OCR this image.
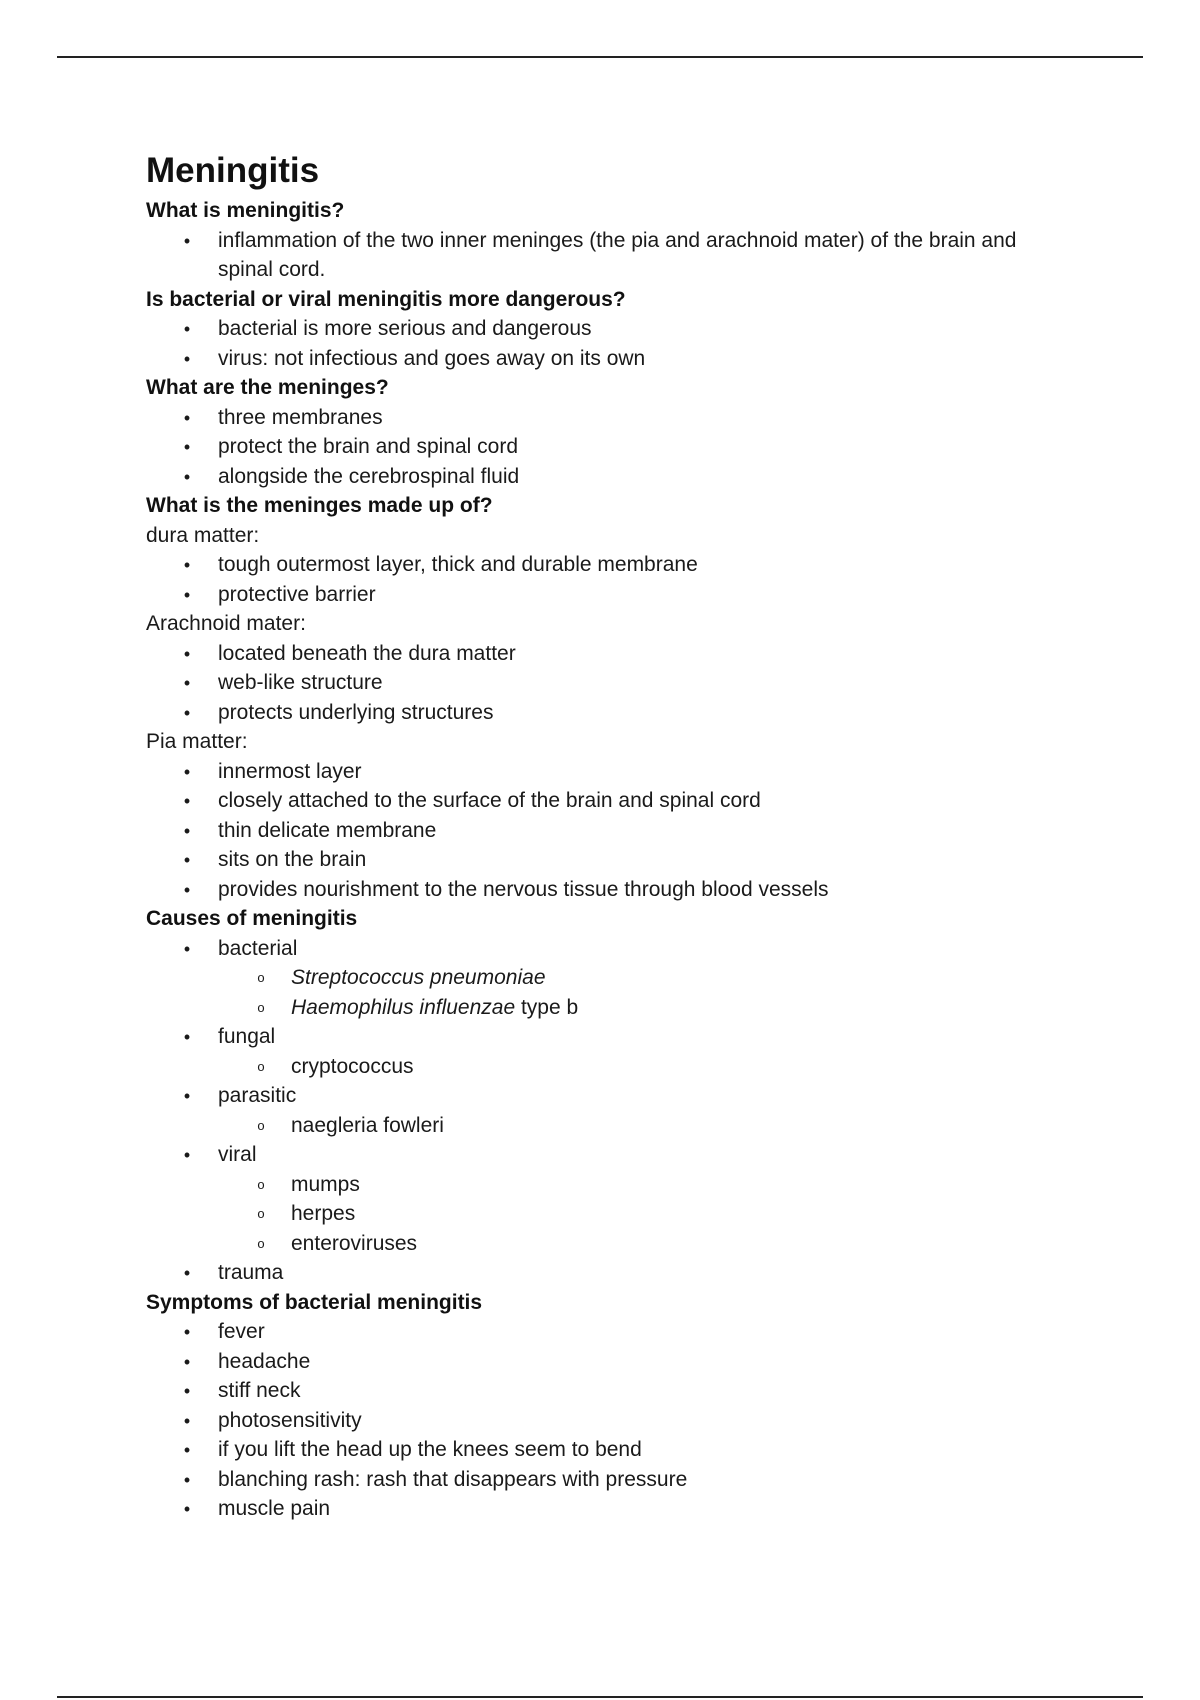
Meningitis

What is meningitis?

•
inflammation of the two inner meninges (the pia and arachnoid mater) of the brain and spinal cord.

Is bacterial or viral meningitis more dangerous?

•
bacterial is more serious and dangerous
•
virus: not infectious and goes away on its own

What are the meninges?

•
three membranes
•
protect the brain and spinal cord
•
alongside the cerebrospinal fluid

What is the meninges made up of?

dura matter:

•
tough outermost layer, thick and durable membrane
•
protective barrier

Arachnoid mater:

•
located beneath the dura matter
•
web-like structure
•
protects underlying structures

Pia matter:

•
innermost layer
•
closely attached to the surface of the brain and spinal cord
•
thin delicate membrane
•
sits on the brain
•
provides nourishment to the nervous tissue through blood vessels

Causes of meningitis

•
bacterial
o Streptococcus pneumoniae
o Haemophilus influenzae type b
•
fungal
o cryptococcus
•
parasitic
o naegleria fowleri
•
viral
o mumps
o herpes
o enteroviruses
•
trauma

Symptoms of bacterial meningitis

•
fever
•
headache
•
stiff neck
•
photosensitivity
•
if you lift the head up the knees seem to bend
•
blanching rash: rash that disappears with pressure
•
muscle pain
